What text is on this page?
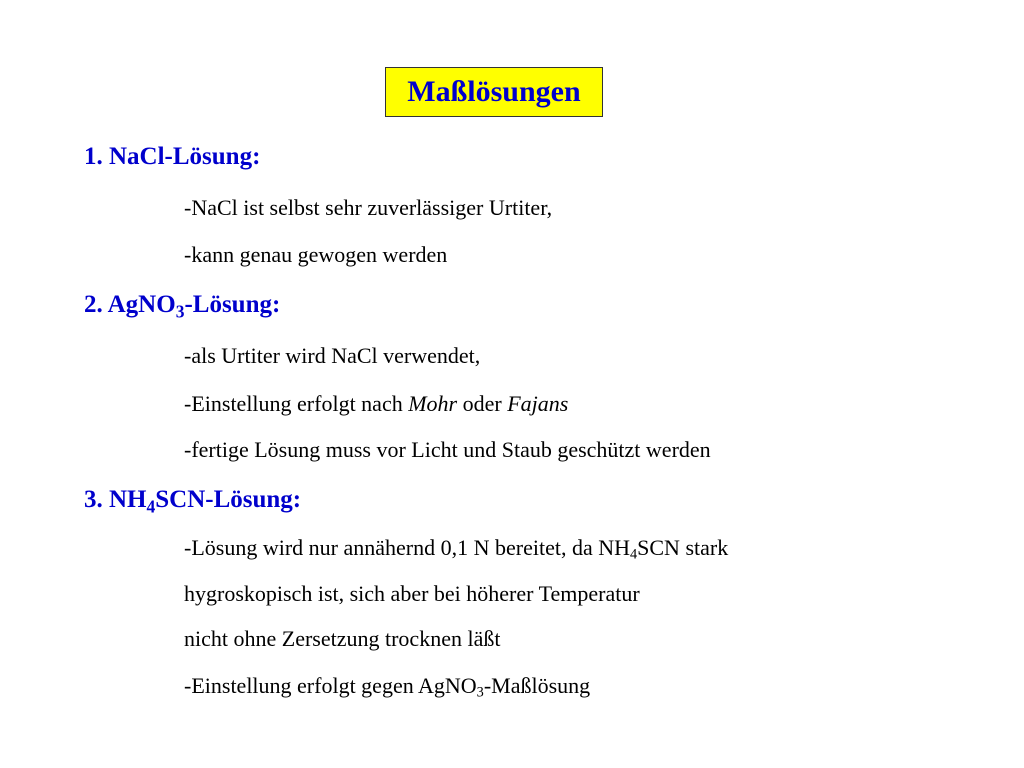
Maßlösungen
1. NaCl-Lösung:
-NaCl ist selbst sehr zuverlässiger Urtiter,
-kann genau gewogen werden
2. AgNO$_3$-Lösung:
-als Urtiter wird NaCl verwendet,
-Einstellung erfolgt nach Mohr oder Fajans
-fertige Lösung muss vor Licht und Staub geschützt werden
3. $NH_4SCN$-Lösung:
-Lösung wird nur annähernd 0,1 N bereitet, da $NH_4SCN$ stark
hygroskopisch ist, sich aber bei höherer Temperatur
nicht ohne Zersetzung trocknen läßt
-Einstellung erfolgt gegen AgNO$_3$-Maßlösung
